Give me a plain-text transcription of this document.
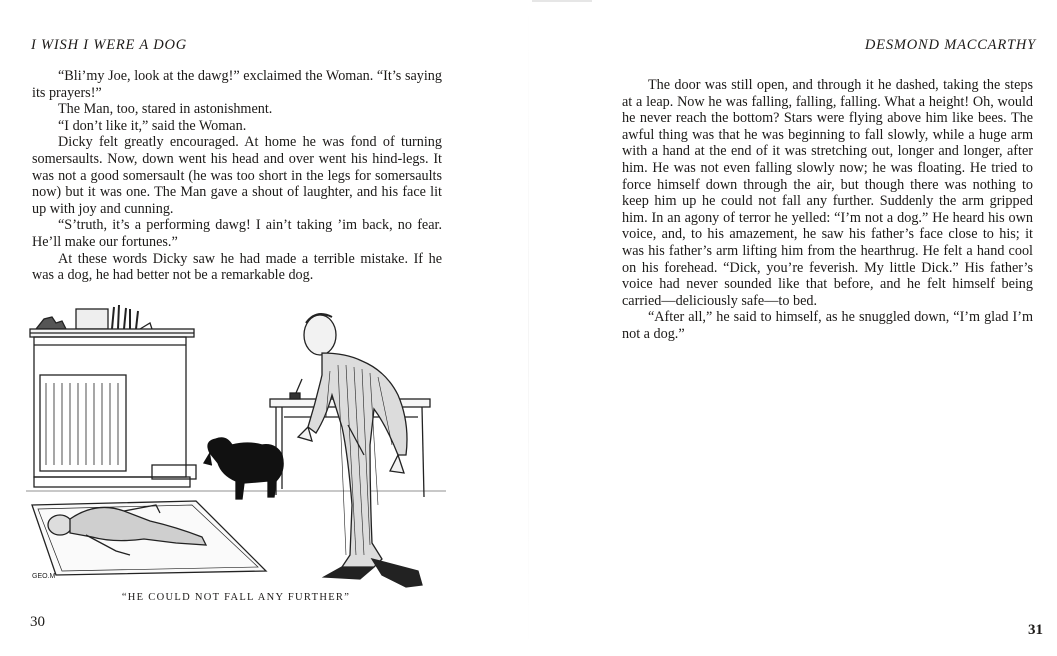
I WISH I WERE A DOG

“Bli’my Joe, look at the dawg!” exclaimed the Woman. “It’s saying its prayers!”

The Man, too, stared in astonishment.

“I don’t like it,” said the Woman.

Dicky felt greatly encouraged. At home he was fond of turning somersaults. Now, down went his head and over went his hind-legs. It was not a good somersault (he was too short in the legs for somersaults now) but it was one. The Man gave a shout of laughter, and his face lit up with joy and cunning.

“S’truth, it’s a performing dawg! I ain’t taking ’im back, no fear. He’ll make our fortunes.”

At these words Dicky saw he had made a terrible mistake. If he was a dog, he had better not be a remarkable dog.

GEO.M
“HE COULD NOT FALL ANY FURTHER”
30
DESMOND MACCARTHY

The door was still open, and through it he dashed, taking the steps at a leap. Now he was falling, falling, falling. What a height! Oh, would he never reach the bottom? Stars were flying above him like bees. The awful thing was that he was beginning to fall slowly, while a huge arm with a hand at the end of it was stretching out, longer and longer, after him. He was not even falling slowly now; he was floating. He tried to force himself down through the air, but though there was nothing to keep him up he could not fall any further. Suddenly the arm gripped him. In an agony of terror he yelled: “I’m not a dog.” He heard his own voice, and, to his amazement, he saw his father’s face close to his; it was his father’s arm lifting him from the hearthrug. He felt a hand cool on his forehead. “Dick, you’re feverish. My little Dick.” His father’s voice had never sounded like that before, and he felt himself being carried—deliciously safe—to bed.

“After all,” he said to himself, as he snuggled down, “I’m glad I’m not a dog.”

31
